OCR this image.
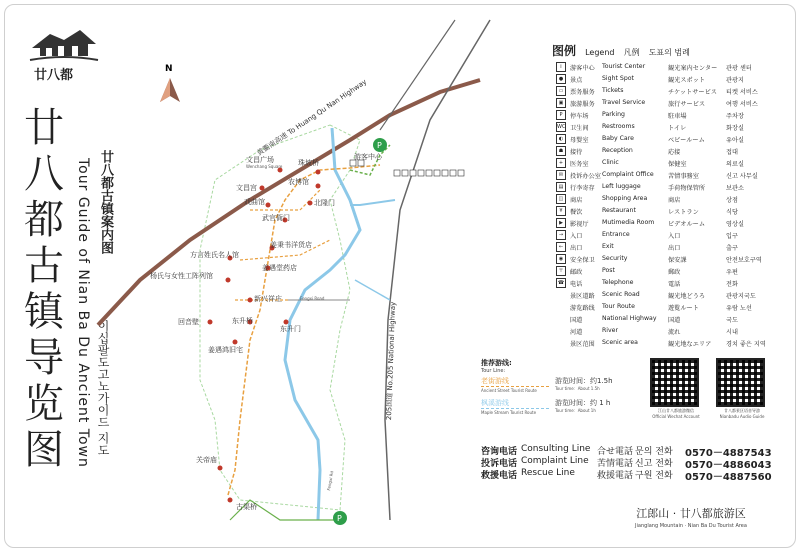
廿八都
廿八都古镇导览图
廿八都古镇案内图
Tour Guide of Nian Ba Du Ancient Town 이십팔도고노가이드 지도
N
P
P
黄衢南高速 To Huang Qu Nan Highway
205国道 No.205 National Highway
Fengxi Road
Fengxi Rd
游客中心
文昌广场
Wenchang Square 珠坡桥
文昌宫
农博馆
戏曲馆	北隆门
武官衙门
姜秉书洋货店
方言姓氏名人馆
姜遇堂药店
杨氏与女性工阵列馆
新兴祥庄
东升桥
回音壁
东升门
姜遇鸿旧宅
关帝庙
古渠桥
图例 Legend 凡例 도표의 범례
i	游客中心 Tourist Center	観光案内センター 관광 센터
●	景点	Sight Spot	観光スポット	관광지
▭	票务服务 Tickets	チケットサービス 티켓 서비스
▣	旅游服务 Travel Service	旅行サービス	여행 서비스
P	停车场 Parking	駐車場	주차장
WC 卫生间 Restrooms	トイレ	화장실
◐	母婴室 Baby Care	ベビールーム	유아실
☗	接待	Reception	応接	접대
+	医务室 Clinic	保健室	의료실
✉	投诉办公室 Complaint Office 苦情事務室	신고 사무실
▤	行李寄存 Left luggage	手荷物保管所	보관소
◫	商店	Shopping Area	商店	상점
¥	餐饮	Restaurant	レストラン	식당
▶	影视厅 Mutimedia Room ビデオルーム	영상실
→	入口	Entrance	入口	입구
←	出口	Exit	出口	출구
◉	安全保卫 Security	保安課	안전보호구역
〒	邮政	Post	郵政	우편
☎ 电话	Telephone	電話	전화
景区道路 Scenic Road	観光地どうろ	관광지국도
游览路线 Tour Route	遊覧ルート	유람 노선
国道	National Highway 国道	국도
河道	River	流れ	시내
景区范围 Scenic area	観光地なエリア 경치 좋은 지역
推荐游线:
Tour Line:
老街游线
Ancient Street Tourist Route
游览时间：约1.5h
Tour time：About 1.5h
枫溪游线
Maple Stream Tourist Route
游览时间：约 1 h
Tour time：About 1h	江山廿八都旅游微信
Official Wechat Account
廿八都景区语音导游
Nianbadu Audio Guide
咨询电话 Consulting Line 合せ電話 문의 전화 0570－4887543
投诉电话 Complaint Line 苦情電話 신고 전화 0570－4886043
救援电话 Rescue Line 救援電話 구원 전화 0570－4887560
江郎山 · 廿八都旅游区
Jianglang Mountain · Nian Ba Du Tourist Area
